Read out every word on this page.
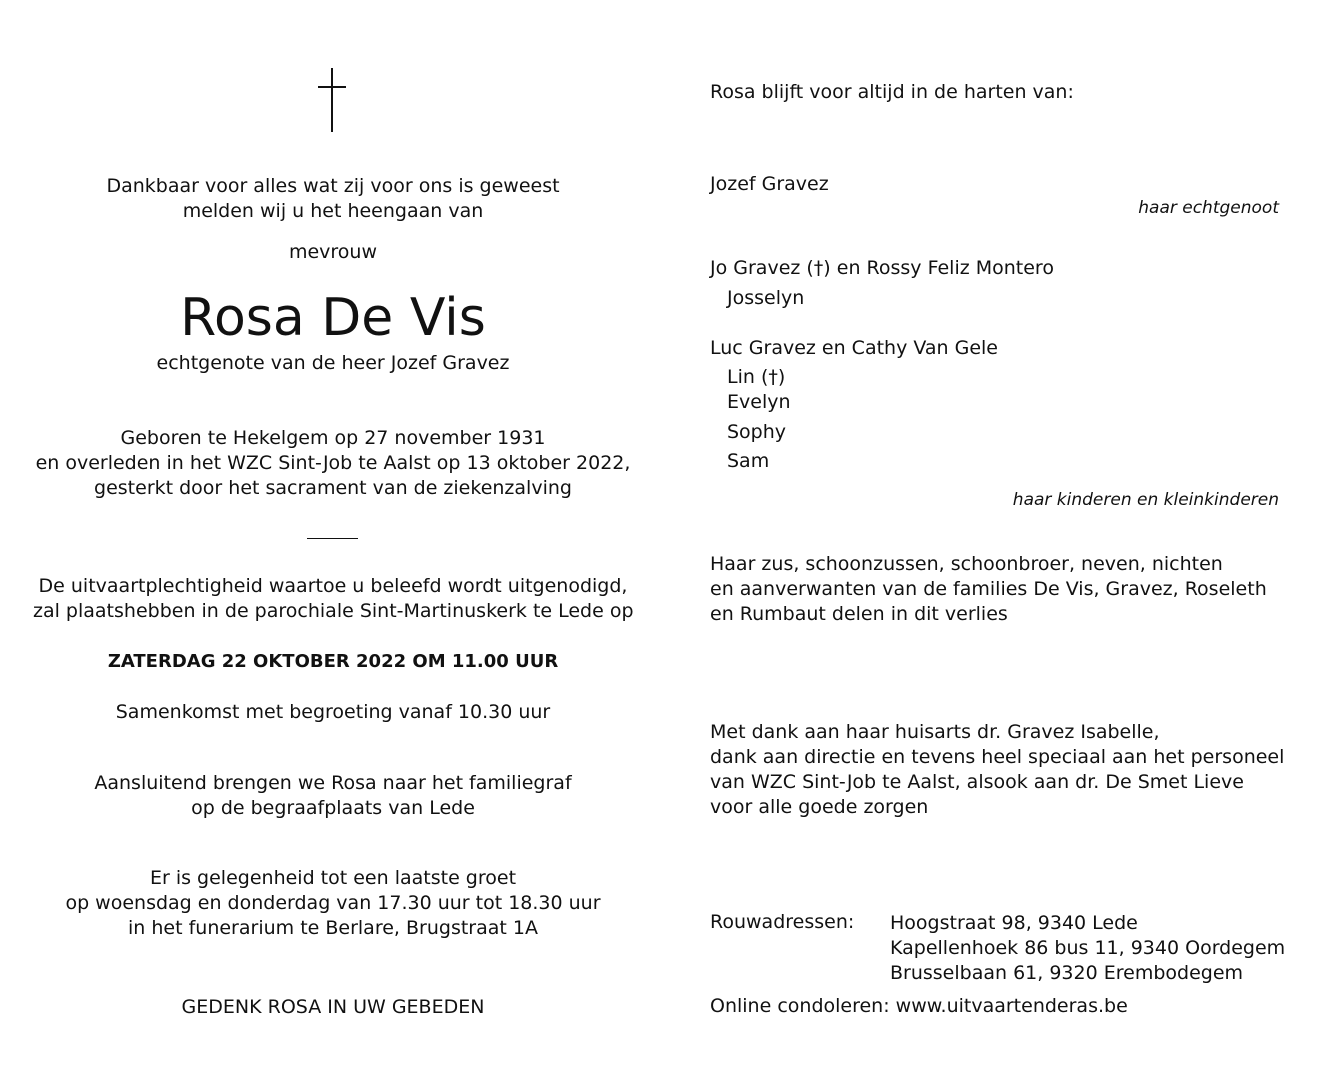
Dankbaar voor alles wat zij voor ons is geweest
melden wij u het heengaan van
mevrouw
Rosa De Vis
echtgenote van de heer Jozef Gravez
Geboren te Hekelgem op 27 november 1931
en overleden in het WZC Sint-Job te Aalst op 13 oktober 2022,
gesterkt door het sacrament van de ziekenzalving
De uitvaartplechtigheid waartoe u beleefd wordt uitgenodigd,
zal plaatshebben in de parochiale Sint-Martinuskerk te Lede op
ZATERDAG 22 OKTOBER 2022 OM 11.00 UUR
Samenkomst met begroeting vanaf 10.30 uur
Aansluitend brengen we Rosa naar het familiegraf
op de begraafplaats van Lede
Er is gelegenheid tot een laatste groet
op woensdag en donderdag van 17.30 uur tot 18.30 uur
in het funerarium te Berlare, Brugstraat 1A
GEDENK ROSA IN UW GEBEDEN
Rosa blijft voor altijd in de harten van:
Jozef Gravez
haar echtgenoot
Jo Gravez (†) en Rossy Feliz Montero
Josselyn
Luc Gravez en Cathy Van Gele
Lin (†)
Evelyn
Sophy
Sam
haar kinderen en kleinkinderen
Haar zus, schoonzussen, schoonbroer, neven, nichten
en aanverwanten van de families De Vis, Gravez, Roseleth
en Rumbaut delen in dit verlies
Met dank aan haar huisarts dr. Gravez Isabelle,
dank aan directie en tevens heel speciaal aan het personeel
van WZC Sint-Job te Aalst, alsook aan dr. De Smet Lieve
voor alle goede zorgen
Rouwadressen: Hoogstraat 98, 9340 Lede
Kapellenhoek 86 bus 11, 9340 Oordegem
Brusselbaan 61, 9320 Erembodegem
Online condoleren: www.uitvaartenderas.be
